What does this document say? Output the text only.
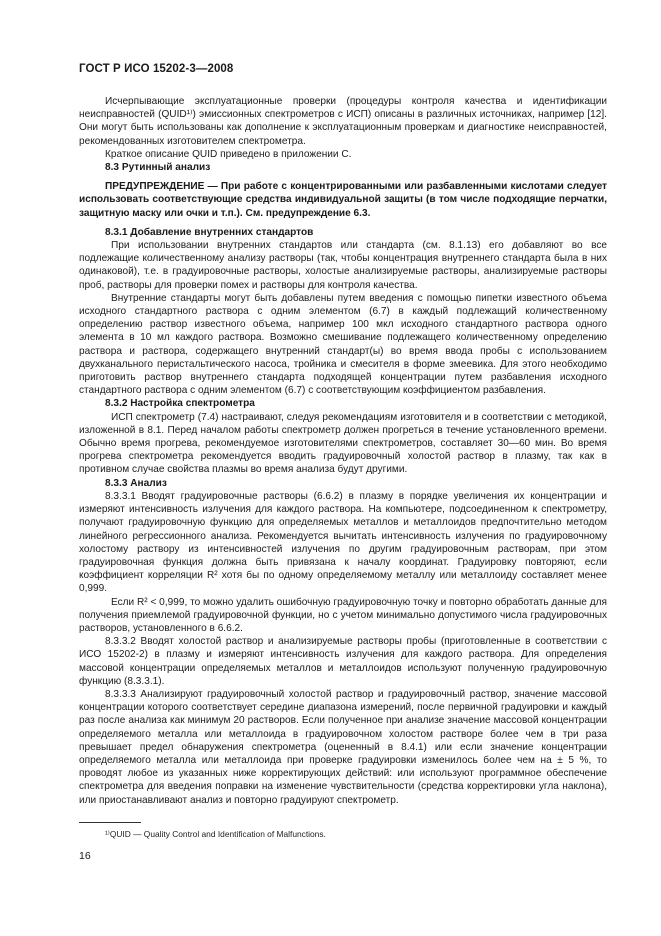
ГОСТ Р ИСО 15202-3—2008

Исчерпывающие эксплуатационные проверки (процедуры контроля качества и идентификации неисправностей (QUID¹⁾) эмиссионных спектрометров с ИСП) описаны в различных источниках, например [12]. Они могут быть использованы как дополнение к эксплуатационным проверкам и диагностике неисправностей, рекомендованных изготовителем спектрометра.

Краткое описание QUID приведено в приложении С.

8.3 Рутинный анализ

ПРЕДУПРЕЖДЕНИЕ — При работе с концентрированными или разбавленными кислотами следует использовать соответствующие средства индивидуальной защиты (в том числе подходящие перчатки, защитную маску или очки и т.п.). См. предупреждение 6.3.

8.3.1 Добавление внутренних стандартов

При использовании внутренних стандартов или стандарта (см. 8.1.13) его добавляют во все подлежащие количественному анализу растворы (так, чтобы концентрация внутреннего стандарта была в них одинаковой), т.е. в градуировочные растворы, холостые анализируемые растворы, анализируемые растворы проб, растворы для проверки помех и растворы для контроля качества.

Внутренние стандарты могут быть добавлены путем введения с помощью пипетки известного объема исходного стандартного раствора с одним элементом (6.7) в каждый подлежащий количественному определению раствор известного объема, например 100 мкл исходного стандартного раствора одного элемента в 10 мл каждого раствора. Возможно смешивание подлежащего количественному определению раствора и раствора, содержащего внутренний стандарт(ы) во время ввода пробы с использованием двухканального перистальтического насоса, тройника и смесителя в форме змеевика. Для этого необходимо приготовить раствор внутреннего стандарта подходящей концентрации путем разбавления исходного стандартного раствора с одним элементом (6.7) с соответствующим коэффициентом разбавления.

8.3.2 Настройка спектрометра

ИСП спектрометр (7.4) настраивают, следуя рекомендациям изготовителя и в соответствии с методикой, изложенной в 8.1. Перед началом работы спектрометр должен прогреться в течение установленного времени. Обычно время прогрева, рекомендуемое изготовителями спектрометров, составляет 30—60 мин. Во время прогрева спектрометра рекомендуется вводить градуировочный холостой раствор в плазму, так как в противном случае свойства плазмы во время анализа будут другими.

8.3.3 Анализ

8.3.3.1 Вводят градуировочные растворы (6.6.2) в плазму в порядке увеличения их концентрации и измеряют интенсивность излучения для каждого раствора. На компьютере, подсоединенном к спектрометру, получают градуировочную функцию для определяемых металлов и металлоидов предпочтительно методом линейного регрессионного анализа. Рекомендуется вычитать интенсивность излучения по градуировочному холостому раствору из интенсивностей излучения по другим градуировочным растворам, при этом градуировочная функция должна быть привязана к началу координат. Градуировку повторяют, если коэффициент корреляции R² хотя бы по одному определяемому металлу или металлоиду составляет менее 0,999.

Если R² < 0,999, то можно удалить ошибочную градуировочную точку и повторно обработать данные для получения приемлемой градуировочной функции, но с учетом минимально допустимого числа градуировочных растворов, установленного в 6.6.2.

8.3.3.2 Вводят холостой раствор и анализируемые растворы пробы (приготовленные в соответствии с ИСО 15202-2) в плазму и измеряют интенсивность излучения для каждого раствора. Для определения массовой концентрации определяемых металлов и металлоидов используют полученную градуировочную функцию (8.3.3.1).

8.3.3.3 Анализируют градуировочный холостой раствор и градуировочный раствор, значение массовой концентрации которого соответствует середине диапазона измерений, после первичной градуировки и каждый раз после анализа как минимум 20 растворов. Если полученное при анализе значение массовой концентрации определяемого металла или металлоида в градуировочном холостом растворе более чем в три раза превышает предел обнаружения спектрометра (оцененный в 8.4.1) или если значение концентрации определяемого металла или металлоида при проверке градуировки изменилось более чем на ± 5 %, то проводят любое из указанных ниже корректирующих действий: или используют программное обеспечение спектрометра для введения поправки на изменение чувствительности (средства корректировки угла наклона), или приостанавливают анализ и повторно градуируют спектрометр.

¹⁾QUID — Quality Control and Identification of Malfunctions.
16
